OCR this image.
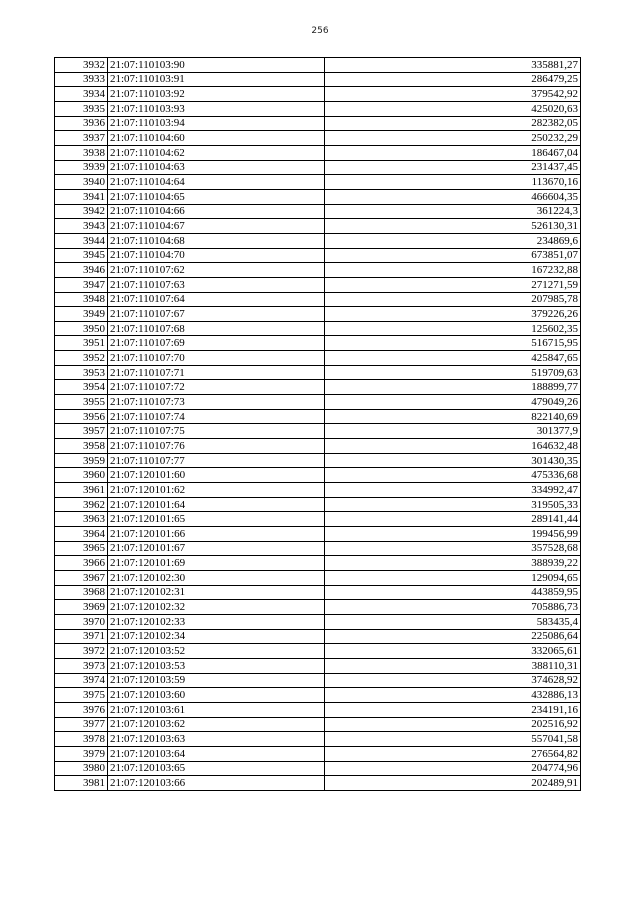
256
3932	21:07:110103:90	335881,27
3933	21:07:110103:91	286479,25
3934	21:07:110103:92	379542,92
3935	21:07:110103:93	425020,63
3936	21:07:110103:94	282382,05
3937	21:07:110104:60	250232,29
3938	21:07:110104:62	186467,04
3939	21:07:110104:63	231437,45
3940	21:07:110104:64	113670,16
3941	21:07:110104:65	466604,35
3942	21:07:110104:66	361224,3
3943	21:07:110104:67	526130,31
3944	21:07:110104:68	234869,6
3945	21:07:110104:70	673851,07
3946	21:07:110107:62	167232,88
3947	21:07:110107:63	271271,59
3948	21:07:110107:64	207985,78
3949	21:07:110107:67	379226,26
3950	21:07:110107:68	125602,35
3951	21:07:110107:69	516715,95
3952	21:07:110107:70	425847,65
3953	21:07:110107:71	519709,63
3954	21:07:110107:72	188899,77
3955	21:07:110107:73	479049,26
3956	21:07:110107:74	822140,69
3957	21:07:110107:75	301377,9
3958	21:07:110107:76	164632,48
3959	21:07:110107:77	301430,35
3960	21:07:120101:60	475336,68
3961	21:07:120101:62	334992,47
3962	21:07:120101:64	319505,33
3963	21:07:120101:65	289141,44
3964	21:07:120101:66	199456,99
3965	21:07:120101:67	357528,68
3966	21:07:120101:69	388939,22
3967	21:07:120102:30	129094,65
3968	21:07:120102:31	443859,95
3969	21:07:120102:32	705886,73
3970	21:07:120102:33	583435,4
3971	21:07:120102:34	225086,64
3972	21:07:120103:52	332065,61
3973	21:07:120103:53	388110,31
3974	21:07:120103:59	374628,92
3975	21:07:120103:60	432886,13
3976	21:07:120103:61	234191,16
3977	21:07:120103:62	202516,92
3978	21:07:120103:63	557041,58
3979	21:07:120103:64	276564,82
3980	21:07:120103:65	204774,96
3981	21:07:120103:66	202489,91
